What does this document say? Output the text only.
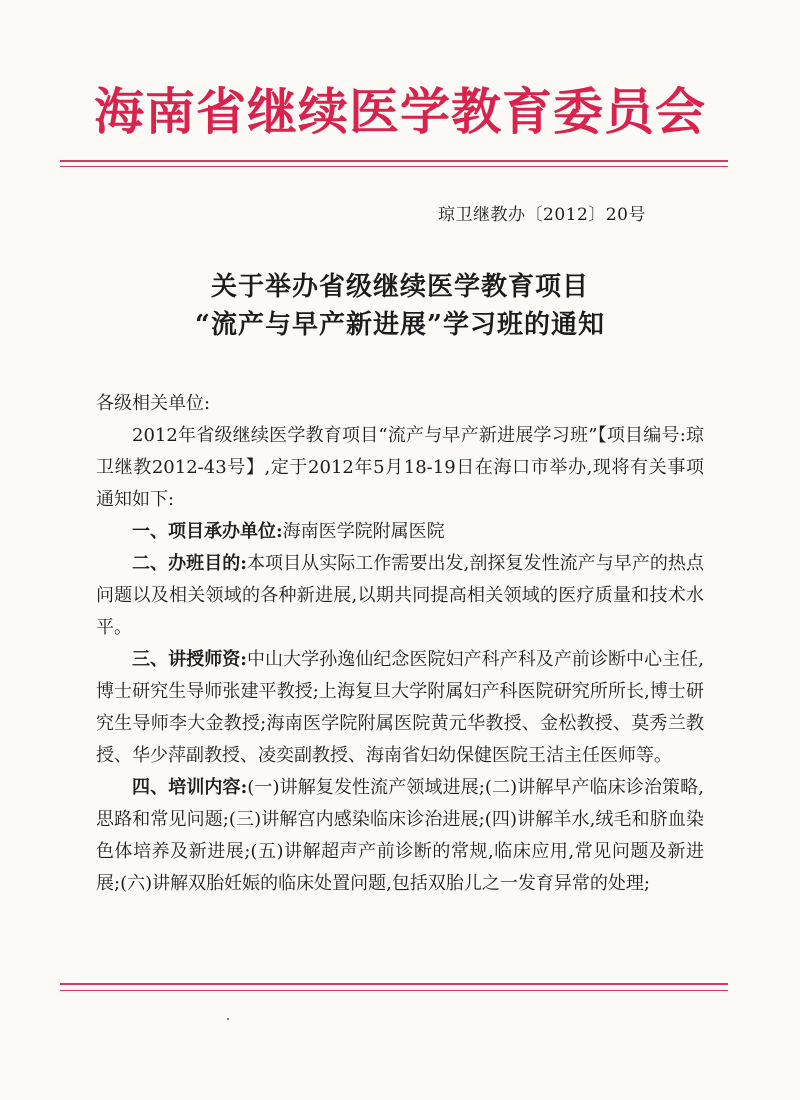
海南省继续医学教育委员会
琼卫继教办〔2012〕20号
关于举办省级继续医学教育项目
“流产与早产新进展”学习班的通知

各级相关单位:

2012年省级继续医学教育项目“流产与早产新进展学习班”【项目编号:琼卫继教2012-43号】,定于2012年5月18-19日在海口市举办,现将有关事项通知如下:

一、项目承办单位:海南医学院附属医院

二、办班目的:本项目从实际工作需要出发,剖探复发性流产与早产的热点问题以及相关领域的各种新进展,以期共同提高相关领域的医疗质量和技术水平。

三、讲授师资:中山大学孙逸仙纪念医院妇产科产科及产前诊断中心主任,博士研究生导师张建平教授;上海复旦大学附属妇产科医院研究所所长,博士研究生导师李大金教授;海南医学院附属医院黄元华教授、金松教授、莫秀兰教授、华少萍副教授、凌奕副教授、海南省妇幼保健医院王洁主任医师等。

四、培训内容:(一)讲解复发性流产领域进展;(二)讲解早产临床诊治策略,思路和常见问题;(三)讲解宫内感染临床诊治进展;(四)讲解羊水,绒毛和脐血染色体培养及新进展;(五)讲解超声产前诊断的常规,临床应用,常见问题及新进展;(六)讲解双胎妊娠的临床处置问题,包括双胎儿之一发育异常的处理;
